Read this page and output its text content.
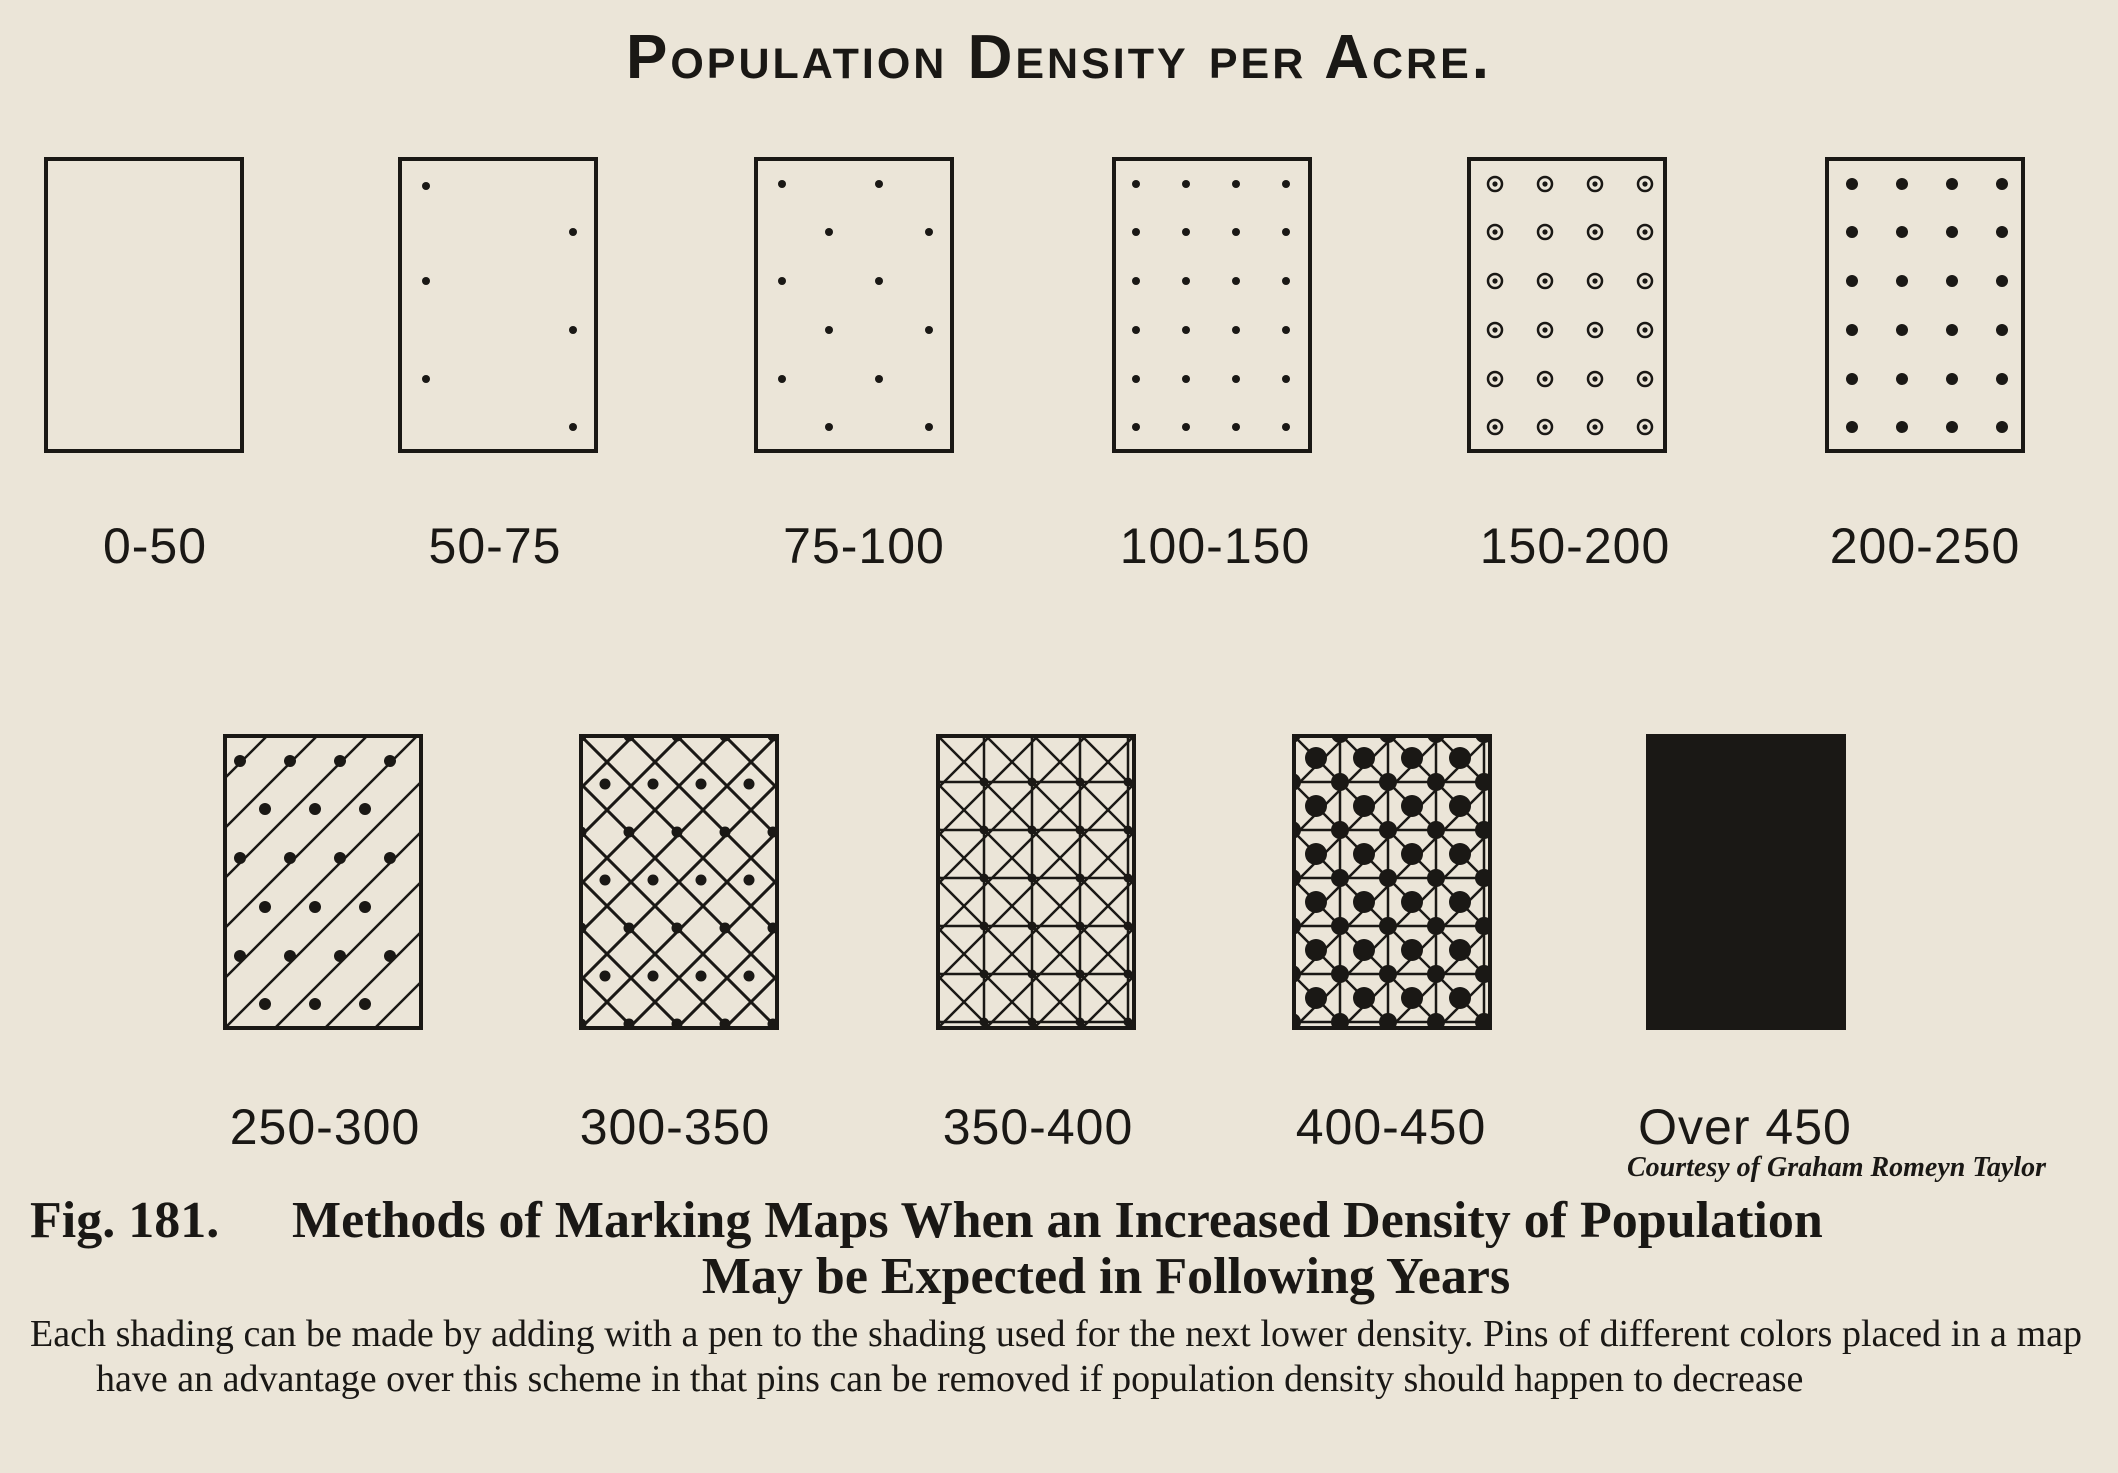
Population Density per Acre.
0-50	50-75	75-100	100-150	150-200	200-250
250-300	300-350	350-400	400-450	Over 450
Courtesy of Graham Romeyn Taylor
Fig. 181. Methods of Marking Maps When an Increased Density of Population
May be Expected in Following Years
Each shading can be made by adding with a pen to the shading used for the next lower density. Pins of different colors placed in a map have an advantage over this scheme in that pins can be removed if population density should happen to decrease
